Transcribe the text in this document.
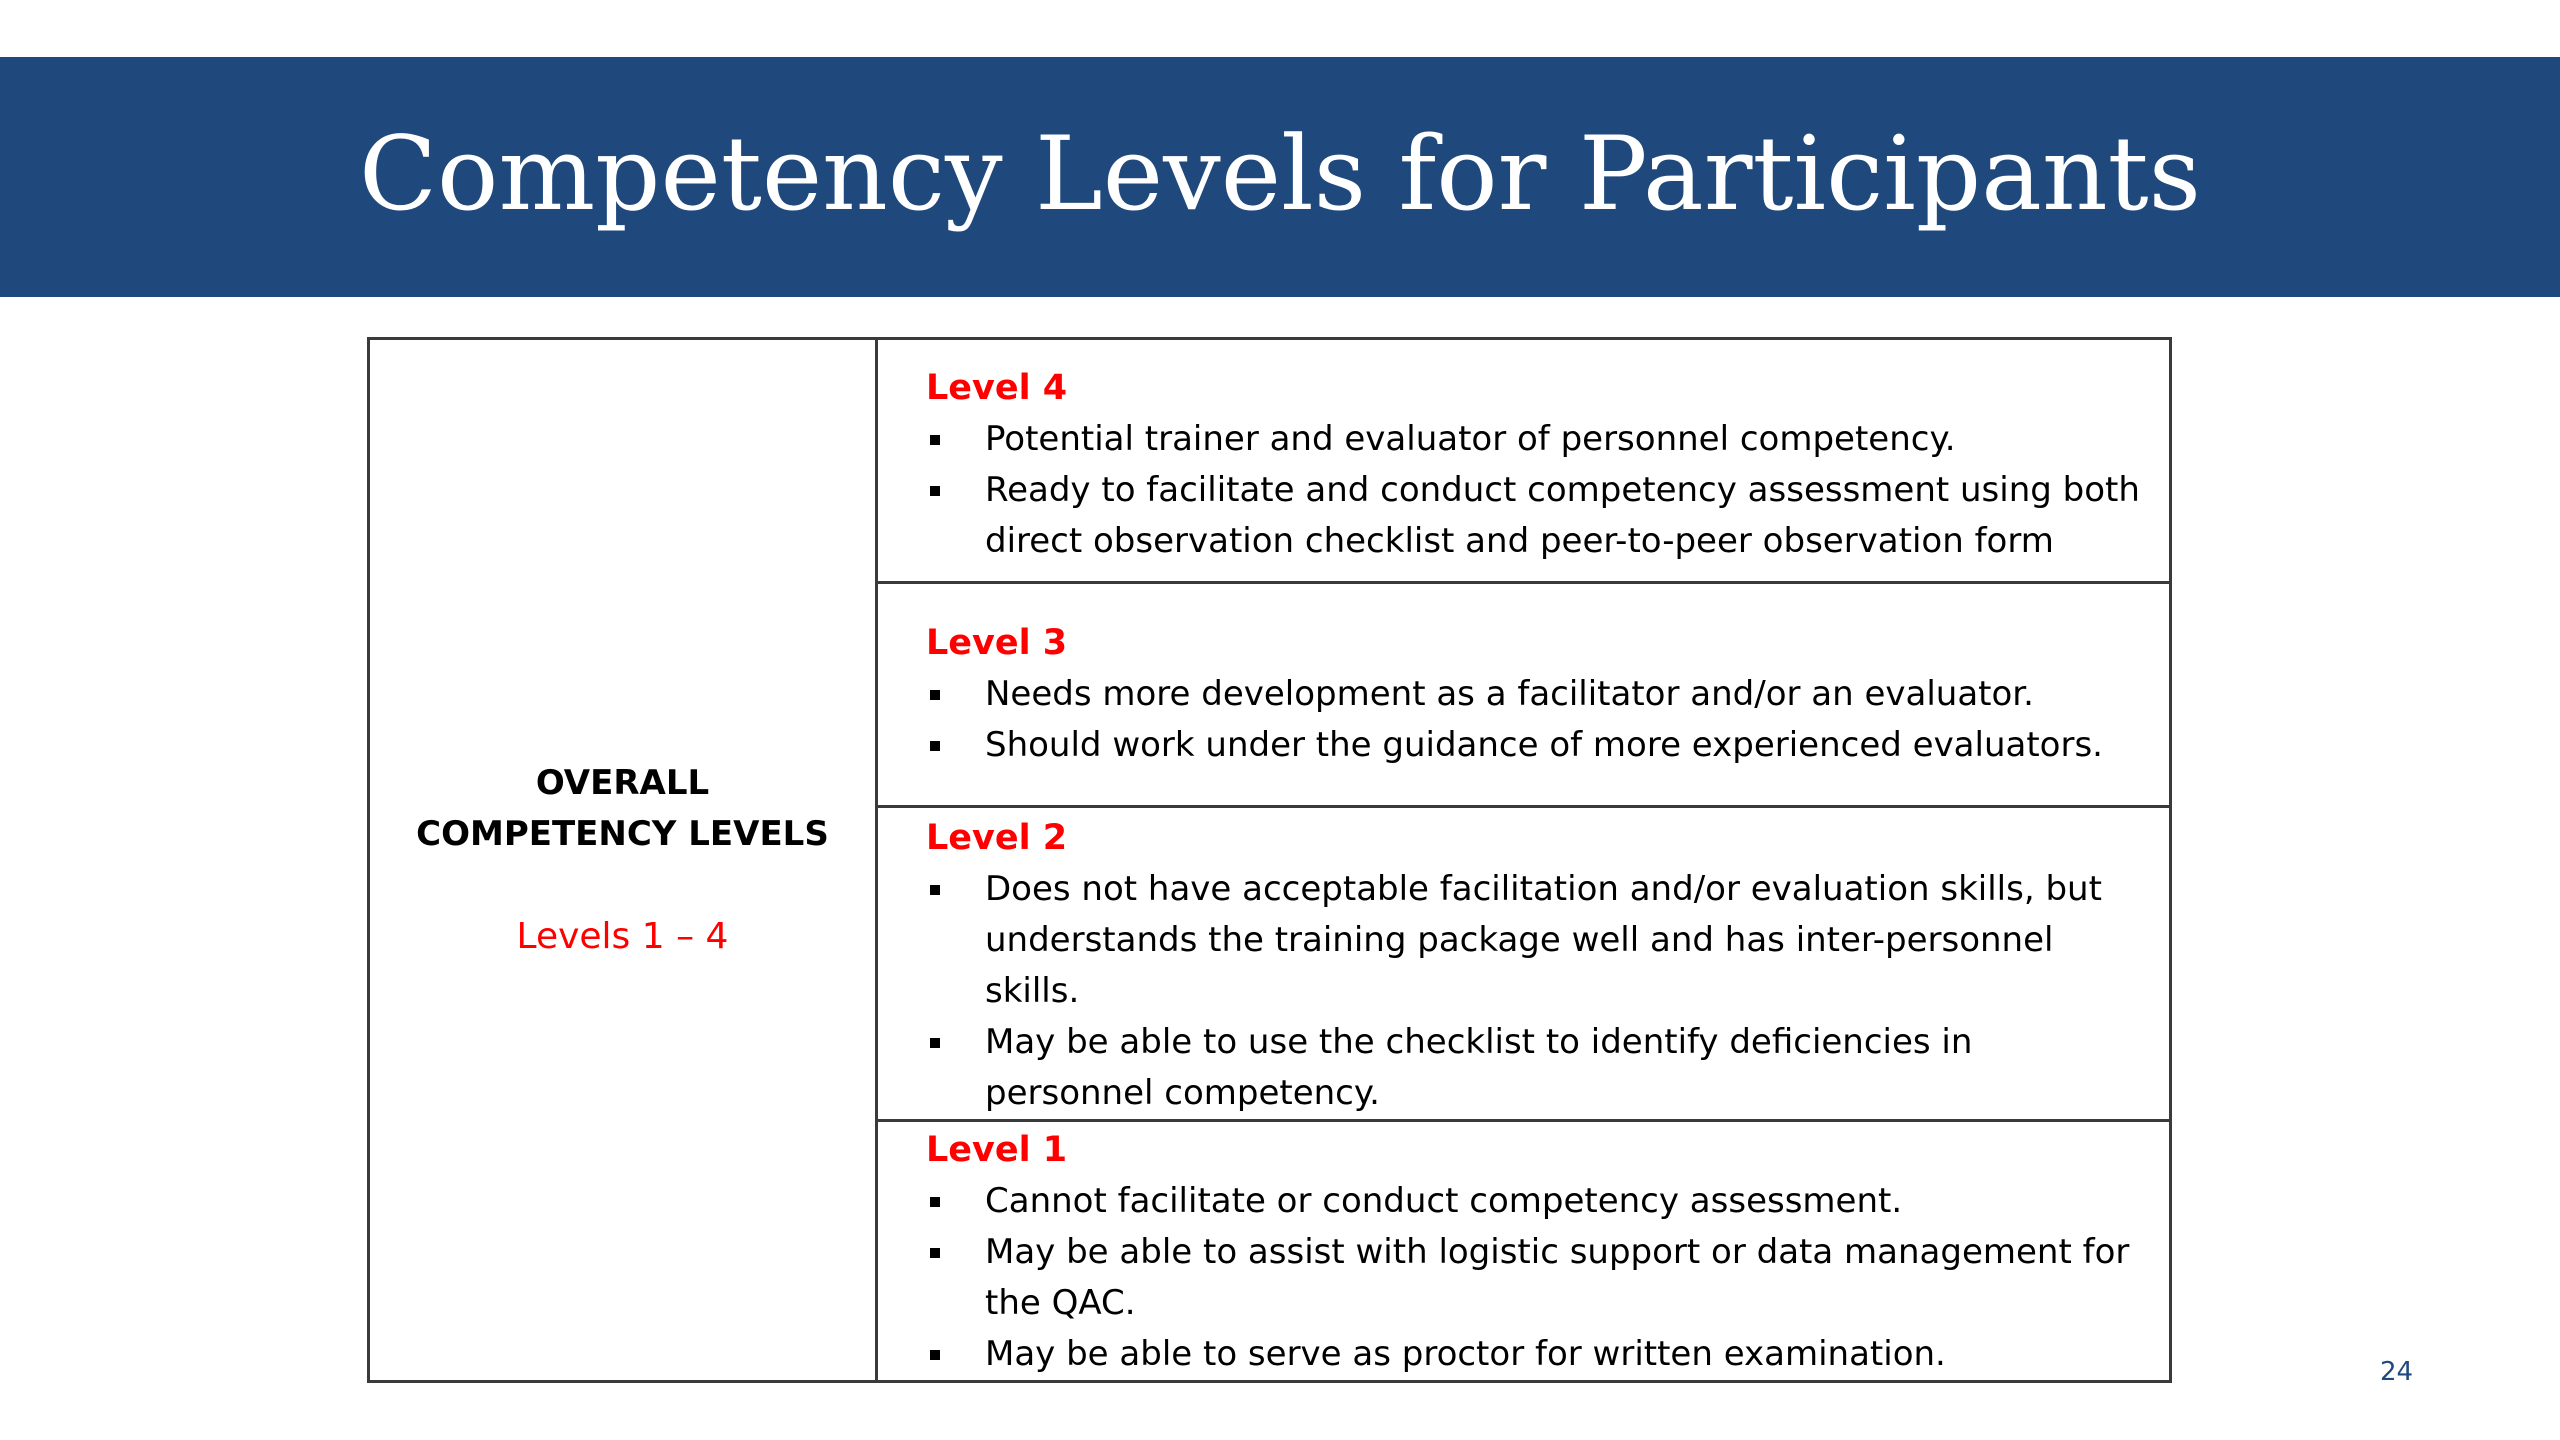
Competency Levels for Participants
OVERALL COMPETENCY LEVELS
Levels 1 – 4

Level 4
Potential trainer and evaluator of personnel competency.
Ready to facilitate and conduct competency assessment using both direct observation checklist and peer-to-peer observation form

Level 3
Needs more development as a facilitator and/or an evaluator.
Should work under the guidance of more experienced evaluators.

Level 2
Does not have acceptable facilitation and/or evaluation skills, but understands the training package well and has inter-personnel skills.
May be able to use the checklist to identify deficiencies in personnel competency.

Level 1
Cannot facilitate or conduct competency assessment.
May be able to assist with logistic support or data management for the QAC.
May be able to serve as proctor for written examination.	24
